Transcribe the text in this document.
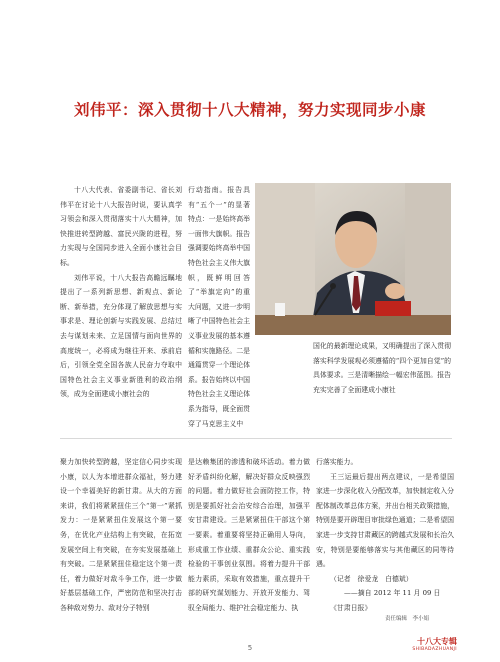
刘伟平：深入贯彻十八大精神，努力实现同步小康

十八大代表、省委副书记、省长刘伟平在讨论十八大报告时说，要认真学习领会和深入贯彻落实十八大精神，加快推进转型跨越、富民兴陇的进程，努力实现与全国同步进入全面小康社会目标。

刘伟平说，十八大报告高瞻远瞩地提出了一系列新思想、新观点、新论断、新举措，充分体现了解放思想与实事求是、理论创新与实践发展、总结过去与谋划未来、立足国情与面向世界的高度统一，必将成为继往开来、承前启后，引领全党全国各族人民奋力夺取中国特色社会主义事业新胜利的政治纲领，成为全面建成小康社会的

行动指南。报告具有“五个一”的显著特点：一是始终高举一面伟大旗帜。报告强调要始终高举中国特色社会主义伟大旗帜，既鲜明回答了“举旗定向”的重大问题，又进一步明晰了中国特色社会主义事业发展的基本遵循和实施路径。二是通篇贯穿一个理论体系。报告始终以中国特色社会主义理论体系为指导，既全面贯穿了马克思主义中

国化的最新理论成果，又明确提出了深入贯彻落实科学发展观必须遵循的“四个更加自觉”的具体要求。三是清晰描绘一幅宏伟蓝图。报告充实完善了全面建成小康社

聚力加快转型跨越，坚定信心同步实现小康，以人为本增进群众福祉，努力建设一个幸福美好的新甘肃。从大的方面来讲，我们将紧紧扭住三个“第一”紧抓发力：一是紧紧扭住发展这个第一要务，在优化产业结构上有突破，在拓宽发展空间上有突破，在夯实发展基础上有突破。二是紧紧扭住稳定这个第一责任，着力做好对敌斗争工作，进一步做好基层基础工作，严密防范和坚决打击各种敌对势力、敌对分子特别

是达赖集团的渗透和破坏活动。着力做好矛盾纠纷化解，解决好群众反映强烈的问题。着力做好社会面防控工作，特别是要抓好社会治安综合治理，加强平安甘肃建设。三是紧紧扭住干部这个第一要素。着重要将坚持正确用人导向，形成重工作业绩、重群众公论、重实践检验的干事创业氛围。将着力提升干部能力素质，采取有效措施，重点提升干部的研究谋划能力、开放开发能力、驾驭全局能力、维护社会稳定能力、执

行落实能力。

王三运最后提出两点建议，一是希望国家进一步深化收入分配改革，加快制定收入分配体制改革总体方案，并出台相关政策措施，特别是要开辟理目审批绿色通道；二是希望国家进一步支持甘肃藏区的跨越式发展和长治久安，特别是要能够落实与其他藏区的同等待遇。

（记者　徐爱龙　白德斌）

——摘自 2012 年 11 月 09 日

《甘肃日报》

责任编辑　李小娟
5
十八大专辑
SHIBADAZHUANJI
